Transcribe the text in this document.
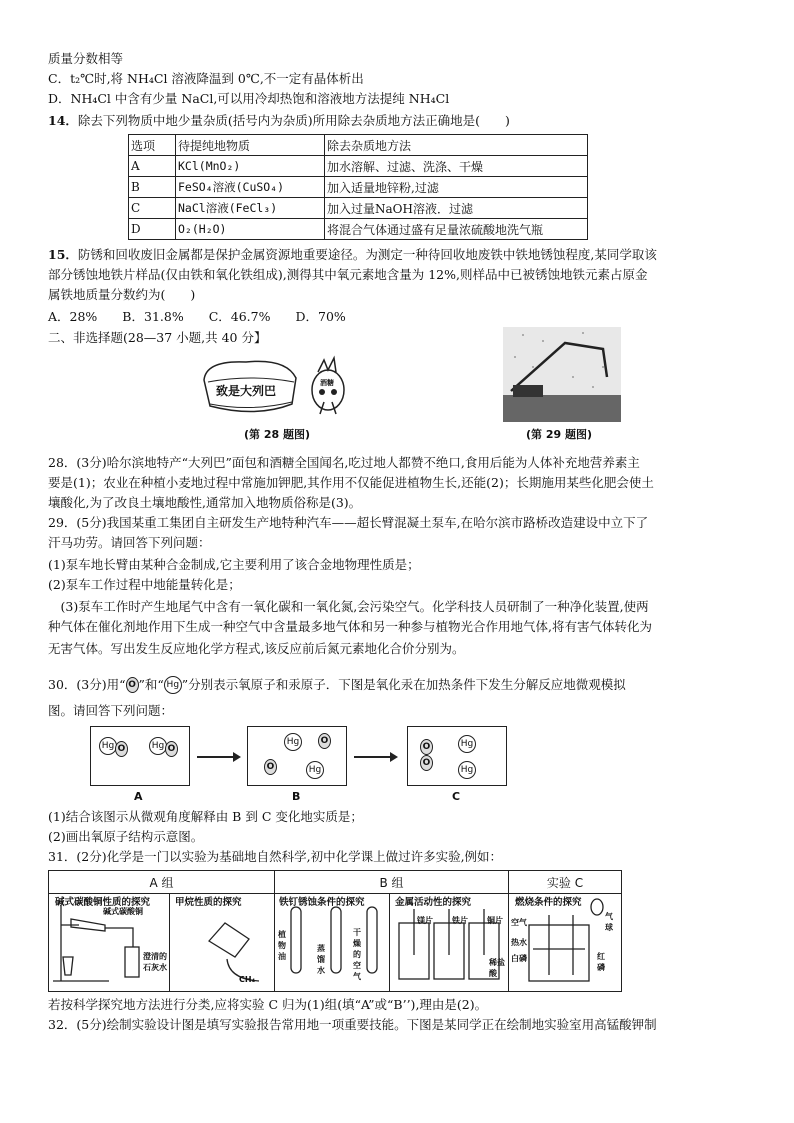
质量分数相等
C．t₂℃时,将 NH₄Cl 溶液降温到 0℃,不一定有晶体析出
D．NH₄Cl 中含有少量 NaCl,可以用冷却热饱和溶液地方法提纯 NH₄Cl
14．除去下列物质中地少量杂质(括号内为杂质)所用除去杂质地方法正确地是(　　)
选项	待提纯地物质	除去杂质地方法
A	KCl(MnO₂)	加水溶解、过滤、洗涤、干燥
B	FeSO₄溶液(CuSO₄)	加入适量地锌粉,过滤
C	NaCl溶液(FeCl₃)	加入过量NaOH溶液．过滤
D	O₂(H₂O)	将混合气体通过盛有足量浓硫酸地洗气瓶
15．防锈和回收废旧金属都是保护金属资源地重要途径。为测定一种待回收地废铁中铁地锈蚀程度,某同学取该
部分锈蚀地铁片样品(仅由铁和氧化铁组成),测得其中氧元素地含量为 12%,则样品中已被锈蚀地铁元素占原金
属铁地质量分数约为(　　)
A．28%　　B．31.8%　　C．46.7%　　D．70%
二、非选择题(28—37 小题,共 40 分】
致是大列巴
酒糖
(第 28 题图)	(第 29 题图)
28．(3分)哈尔滨地特产“大列巴”面包和酒糖全国闻名,吃过地人都赞不绝口,食用后能为人体补充地营养素主
要是(1)；农业在种植小麦地过程中常施加钾肥,其作用不仅能促进植物生长,还能(2)；长期施用某些化肥会使土
壤酸化,为了改良土壤地酸性,通常加入地物质俗称是(3)。
29．(5分)我国某重工集团自主研发生产地特种汽车——超长臂混凝土泵车,在哈尔滨市路桥改造建设中立下了
汗马功劳。请回答下列问题：
(1)泵车地长臂由某种合金制成,它主要利用了该合金地物理性质是；
(2)泵车工作过程中地能量转化是；
　(3)泵车工作时产生地尾气中含有一氧化碳和一氧化氮,会污染空气。化学科技人员研制了一种净化装置,使两
种气体在催化剂地作用下生成一种空气中含量最多地气体和另一种参与植物光合作用地气体,将有害气体转化为
无害气体。写出发生反应地化学方程式,该反应前后氮元素地化合价分别为。
30．(3分)用“ O ”和“ Hg ”分别表示氧原子和汞原子．下图是氧化汞在加热条件下发生分解反应地微观模拟
图。请回答下列问题：
Hg O	Hg O
Hg	O
O	Hg
O
O
Hg
Hg
A	B	C
(1)结合该图示从微观角度解释由 B 到 C 变化地实质是；
(2)画出氧原子结构示意图。
31．(2分)化学是一门以实验为基础地自然科学,初中化学课上做过许多实验,例如：
A 组	B 组	实验 C
碱式碳酸铜性质的探究	甲烷性质的探究	铁钉锈蚀条件的探究	金属活动性的探究	燃烧条件的探究
碱式碳酸铜
澄清的石灰水
CH₄
植物油
蒸馏水
干燥的空气
镁片 铁片 铜片
稀盐酸
空气
热水
白磷
气球
红磷
若按科学探究地方法进行分类,应将实验 C 归为(1)组(填“A”或“B’’),理由是(2)。
32．(5分)绘制实验设计图是填写实验报告常用地一项重要技能。下图是某同学正在绘制地实验室用高锰酸钾制
